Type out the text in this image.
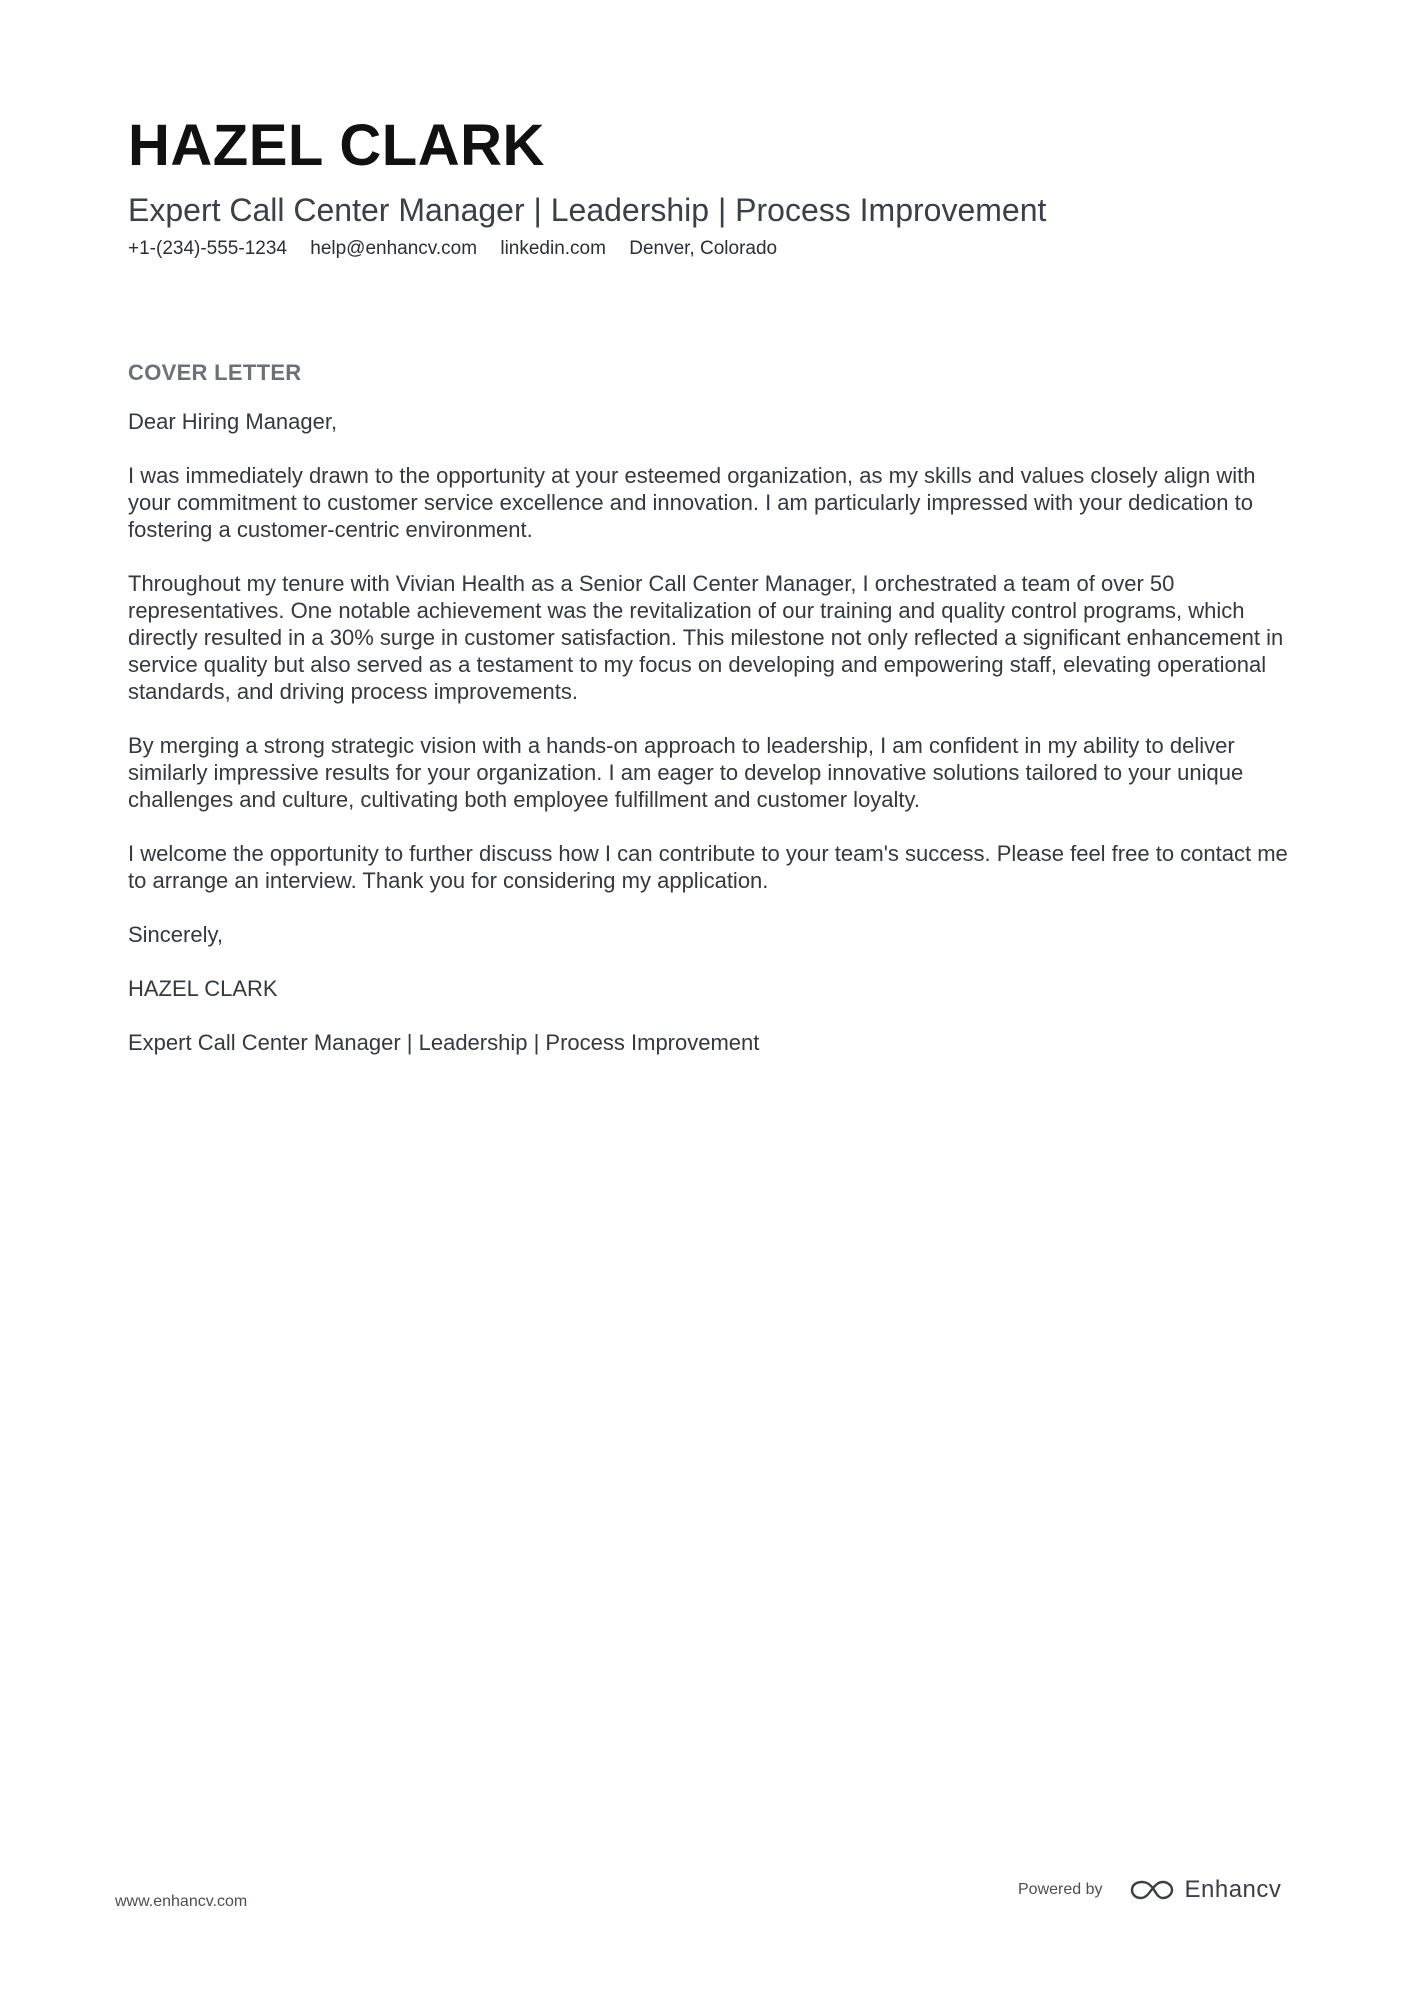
HAZEL CLARK
Expert Call Center Manager | Leadership | Process Improvement
+1-(234)-555-1234 help@enhancv.com linkedin.com Denver, Colorado
COVER LETTER

Dear Hiring Manager,

I was immediately drawn to the opportunity at your esteemed organization, as my skills and values closely align with your commitment to customer service excellence and innovation. I am particularly impressed with your dedication to fostering a customer-centric environment.

Throughout my tenure with Vivian Health as a Senior Call Center Manager, I orchestrated a team of over 50 representatives. One notable achievement was the revitalization of our training and quality control programs, which directly resulted in a 30% surge in customer satisfaction. This milestone not only reflected a significant enhancement in service quality but also served as a testament to my focus on developing and empowering staff, elevating operational standards, and driving process improvements.

By merging a strong strategic vision with a hands-on approach to leadership, I am confident in my ability to deliver similarly impressive results for your organization. I am eager to develop innovative solutions tailored to your unique challenges and culture, cultivating both employee fulfillment and customer loyalty.

I welcome the opportunity to further discuss how I can contribute to your team's success. Please feel free to contact me to arrange an interview. Thank you for considering my application.

Sincerely,

HAZEL CLARK

Expert Call Center Manager | Leadership | Process Improvement

www.enhancv.com
Powered by	Enhancv
